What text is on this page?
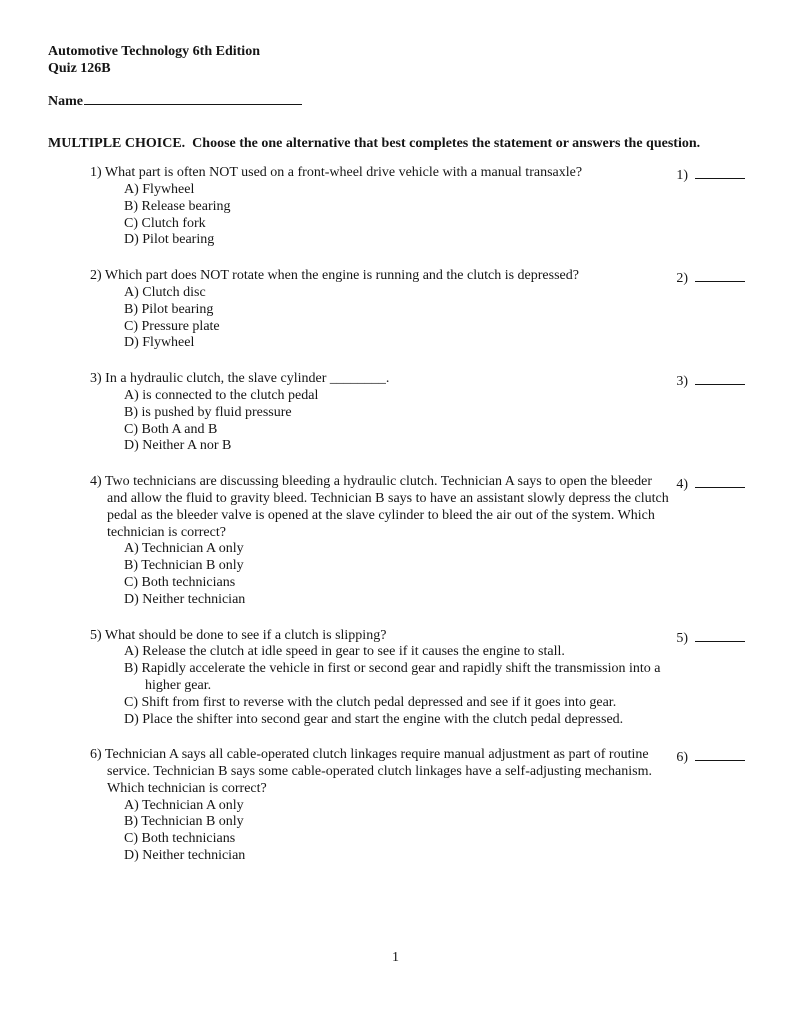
Automotive Technology 6th Edition
Quiz 126B
Name
MULTIPLE CHOICE.  Choose the one alternative that best completes the statement or answers the question.
1) What part is often NOT used on a front-wheel drive vehicle with a manual transaxle?
A) Flywheel
B) Release bearing
C) Clutch fork
D) Pilot bearing
1)
2) Which part does NOT rotate when the engine is running and the clutch is depressed?
A) Clutch disc
B) Pilot bearing
C) Pressure plate
D) Flywheel
2)
3) In a hydraulic clutch, the slave cylinder ________.
A) is connected to the clutch pedal
B) is pushed by fluid pressure
C) Both A and B
D) Neither A nor B
3)
4) Two technicians are discussing bleeding a hydraulic clutch. Technician A says to open the bleeder and allow the fluid to gravity bleed. Technician B says to have an assistant slowly depress the clutch pedal as the bleeder valve is opened at the slave cylinder to bleed the air out of the system. Which technician is correct?
A) Technician A only
B) Technician B only
C) Both technicians
D) Neither technician
4)
5) What should be done to see if a clutch is slipping?
A) Release the clutch at idle speed in gear to see if it causes the engine to stall.
B) Rapidly accelerate the vehicle in first or second gear and rapidly shift the transmission into a higher gear.
C) Shift from first to reverse with the clutch pedal depressed and see if it goes into gear.
D) Place the shifter into second gear and start the engine with the clutch pedal depressed.
5)
6) Technician A says all cable-operated clutch linkages require manual adjustment as part of routine service. Technician B says some cable-operated clutch linkages have a self-adjusting mechanism. Which technician is correct?
A) Technician A only
B) Technician B only
C) Both technicians
D) Neither technician
6)
1
